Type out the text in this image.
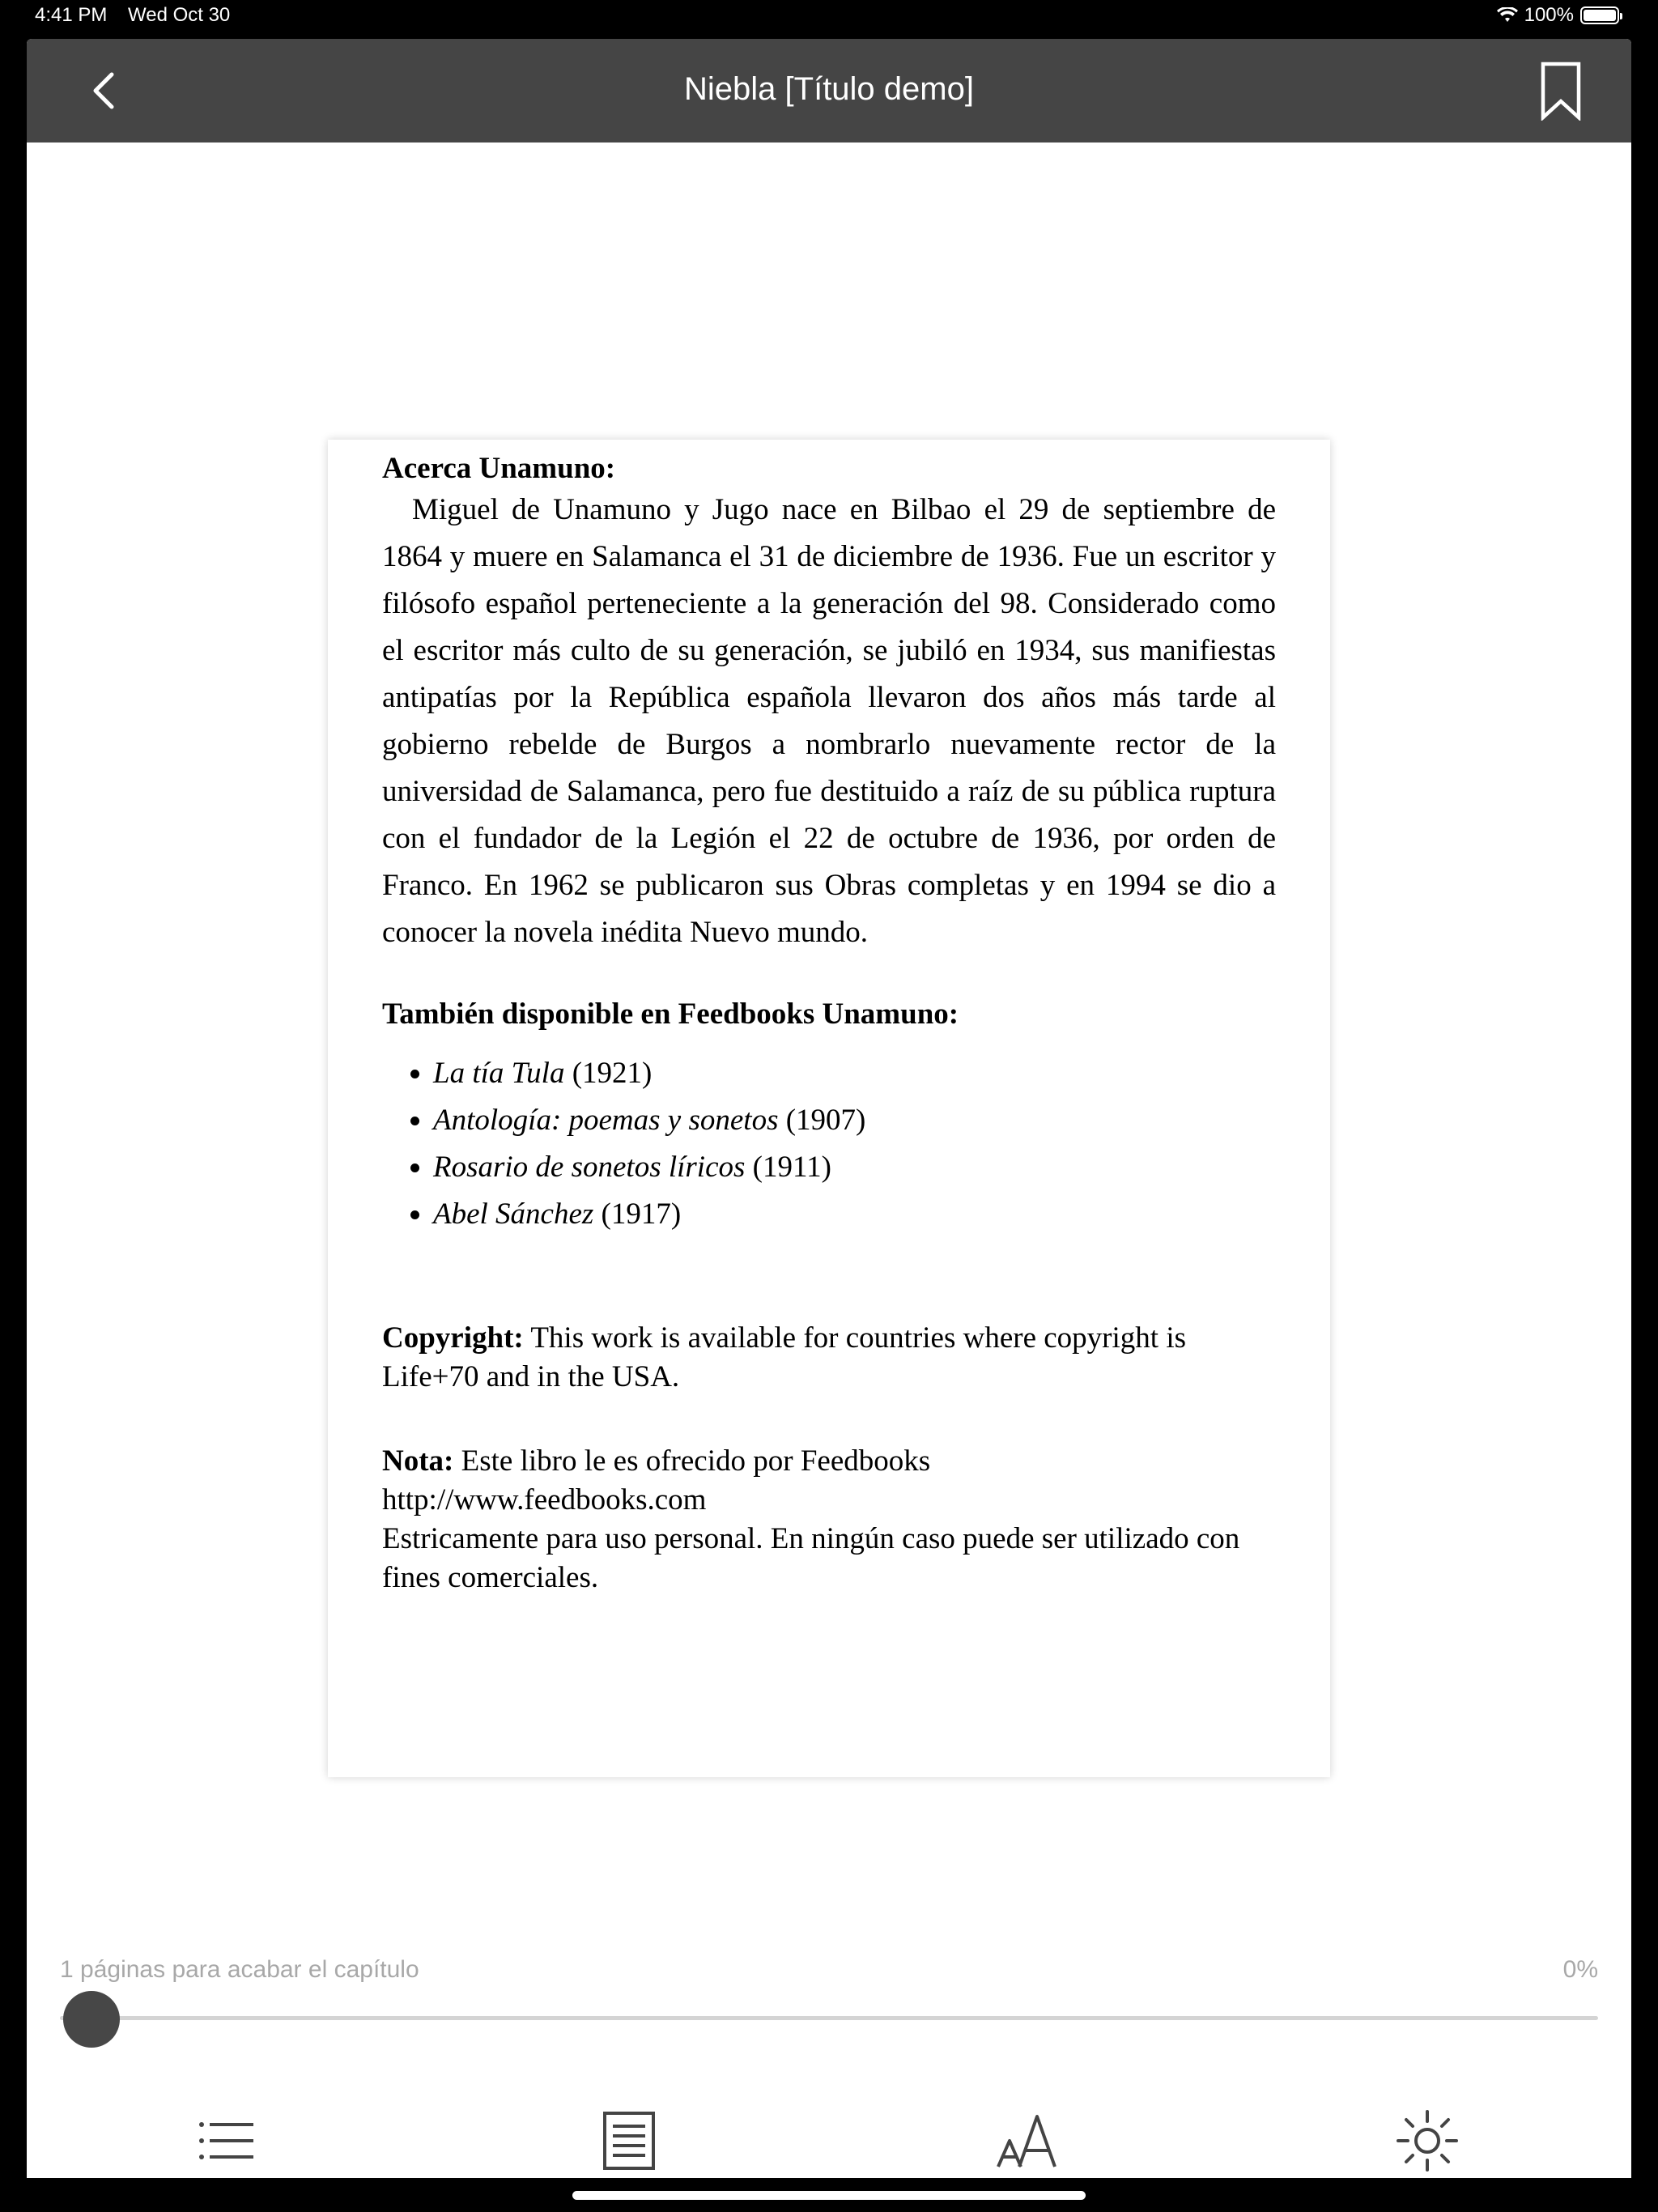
4:41 PM Wed Oct 30	100%
Niebla [Título demo]

Acerca Unamuno:

Miguel de Unamuno y Jugo nace en Bilbao el 29 de septiembre de 1864 y muere en Salamanca el 31 de diciembre de 1936. Fue un escritor y filósofo español perteneciente a la generación del 98. Considerado como el escritor más culto de su generación, se jubiló en 1934, sus manifiestas antipatías por la República española llevaron dos años más tarde al gobierno rebelde de Burgos a nombrarlo nuevamente rector de la universidad de Salamanca, pero fue destituido a raíz de su pública ruptura con el fundador de la Legión el 22 de octubre de 1936, por orden de Franco. En 1962 se publicaron sus Obras completas y en 1994 se dio a conocer la novela inédita Nuevo mundo.

También disponible en Feedbooks Unamuno:

• La tía Tula (1921)
• Antología: poemas y sonetos (1907)
• Rosario de sonetos líricos (1911)
• Abel Sánchez (1917)
Copyright: This work is available for countries where copyright is Life+70 and in the USA.
Nota: Este libro le es ofrecido por Feedbooks
http://www.feedbooks.com
Estricamente para uso personal. En ningún caso puede ser utilizado con fines comerciales.
1 páginas para acabar el capítulo	0%
